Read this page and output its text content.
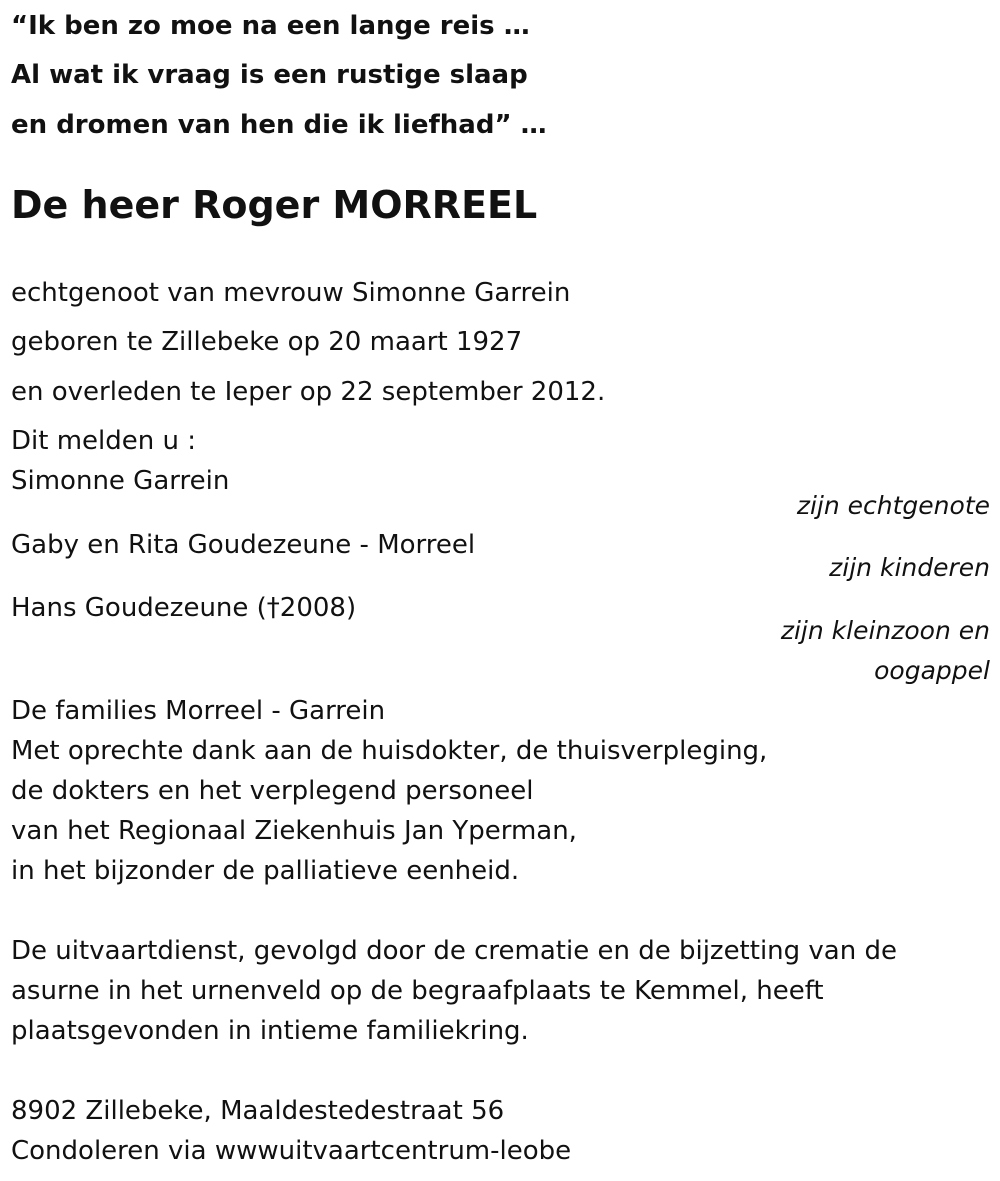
“Ik ben zo moe na een lange reis …
Al wat ik vraag is een rustige slaap
en dromen van hen die ik liefhad” …
De heer Roger MORREEL
echtgenoot van mevrouw Simonne Garrein
geboren te Zillebeke op 20 maart 1927
en overleden te Ieper op 22 september 2012.
Dit melden u :
Simonne Garrein
zijn echtgenote
Gaby en Rita Goudezeune - Morreel
zijn kinderen
Hans Goudezeune (†2008)
zijn kleinzoon en
oogappel
De families Morreel - Garrein
Met oprechte dank aan de huisdokter, de thuisverpleging,
de dokters en het verplegend personeel
van het Regionaal Ziekenhuis Jan Yperman,
in het bijzonder de palliatieve eenheid.
De uitvaartdienst, gevolgd door de crematie en de bijzetting van de
asurne in het urnenveld op de begraafplaats te Kemmel, heeft
plaatsgevonden in intieme familiekring.
8902 Zillebeke, Maaldestedestraat 56
Condoleren via wwwuitvaartcentrum-leobe
